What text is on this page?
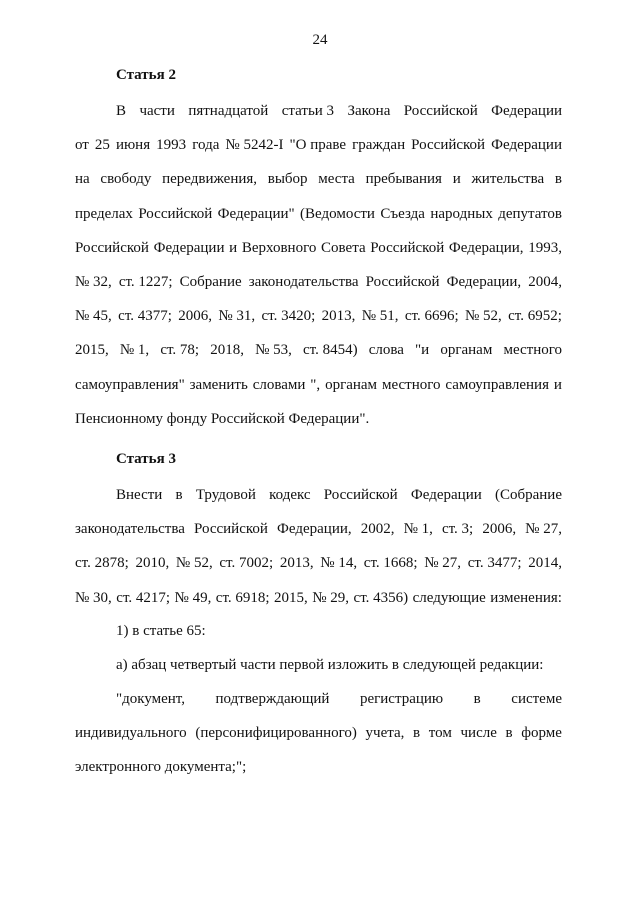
24
Статья 2
В части пятнадцатой статьи 3 Закона Российской Федерации
от 25 июня 1993 года № 5242-I "О праве граждан Российской Федерации
на свободу передвижения, выбор места пребывания и жительства в
пределах Российской Федерации" (Ведомости Съезда народных депутатов
Российской Федерации и Верховного Совета Российской Федерации, 1993,
№ 32, ст. 1227; Собрание законодательства Российской Федерации, 2004,
№ 45, ст. 4377; 2006, № 31, ст. 3420; 2013, № 51, ст. 6696; № 52, ст. 6952;
2015, № 1, ст. 78; 2018, № 53, ст. 8454) слова "и органам местного
самоуправления" заменить словами ", органам местного самоуправления и
Пенсионному фонду Российской Федерации".
Статья 3
Внести в Трудовой кодекс Российской Федерации (Собрание
законодательства Российской Федерации, 2002, № 1, ст. 3; 2006, № 27,
ст. 2878; 2010, № 52, ст. 7002; 2013, № 14, ст. 1668; № 27, ст. 3477; 2014,
№ 30, ст. 4217; № 49, ст. 6918; 2015, № 29, ст. 4356) следующие изменения:
1) в статье 65:
а) абзац четвертый части первой изложить в следующей редакции:
"документ, подтверждающий регистрацию в системе
индивидуального (персонифицированного) учета, в том числе в форме
электронного документа;";
